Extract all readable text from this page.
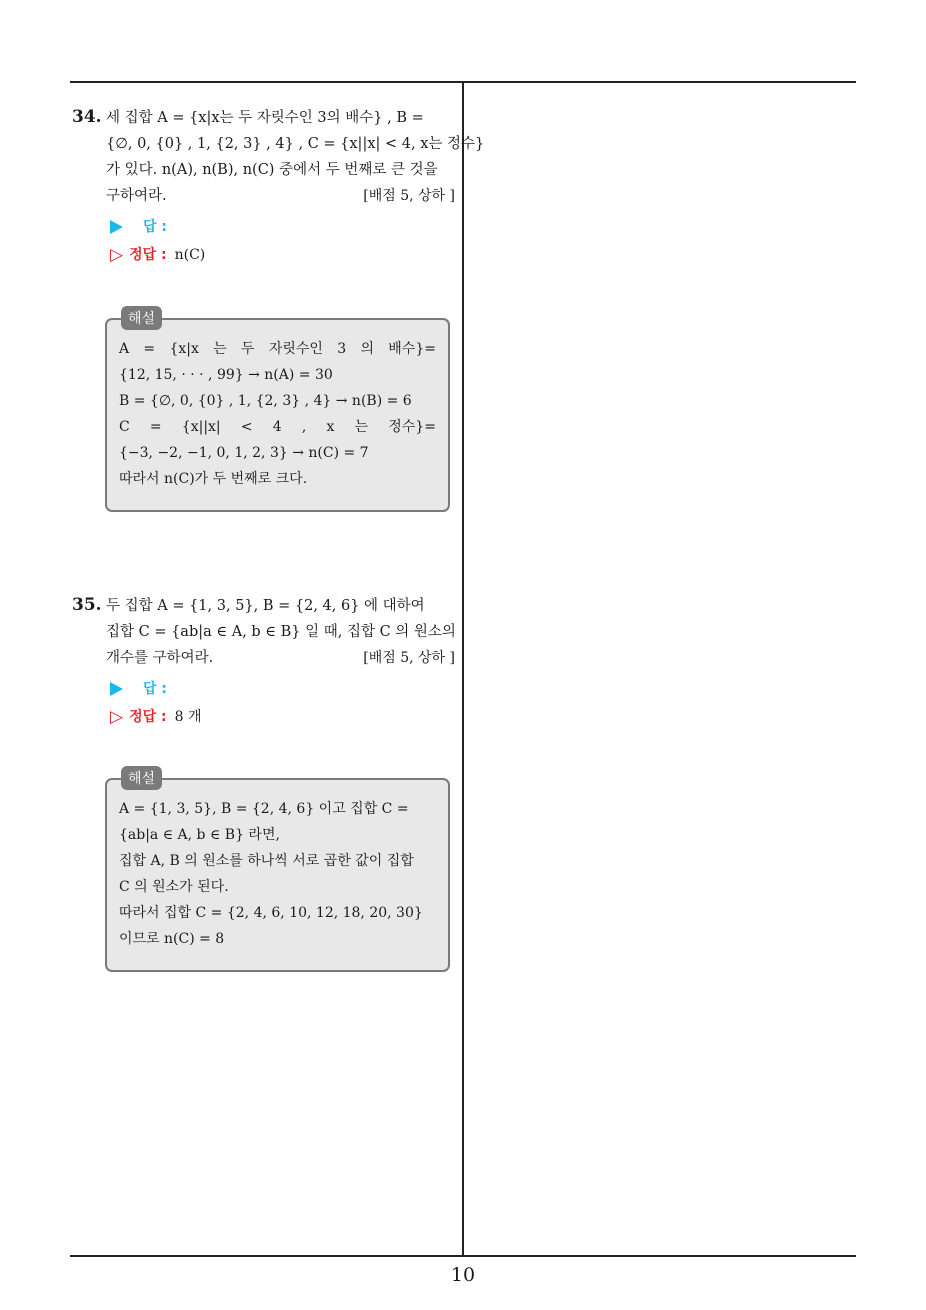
34. 세 집합 A = {x|x는 두 자릿수인 3의 배수} , B =
{∅, 0, {0} , 1, {2, 3} , 4} , C = {x||x| < 4, x는 정수}
가 있다. n(A), n(B), n(C) 중에서 두 번째로 큰 것을
구하여라.	[배점 5, 상하 ]

답 :
▷ 정답 : n(C)
해설
A = {x|x 는 두 자릿수인 3 의 배수}=
{12, 15, · · · , 99} → n(A) = 30
B = {∅, 0, {0} , 1, {2, 3} , 4} → n(B) = 6
C = {x||x| < 4 , x 는 정수}=
{−3, −2, −1, 0, 1, 2, 3} → n(C) = 7
따라서 n(C)가 두 번째로 크다.

35. 두 집합 A = {1, 3, 5}, B = {2, 4, 6} 에 대하여
집합 C = {ab|a ∈ A, b ∈ B} 일 때, 집합 C 의 원소의
개수를 구하여라.	[배점 5, 상하 ]

답 :
▷ 정답 : 8 개
해설
A = {1, 3, 5}, B = {2, 4, 6} 이고 집합 C =
{ab|a ∈ A, b ∈ B} 라면,
집합 A, B 의 원소를 하나씩 서로 곱한 값이 집합
C 의 원소가 된다.
따라서 집합 C = {2, 4, 6, 10, 12, 18, 20, 30}
이므로 n(C) = 8
10
